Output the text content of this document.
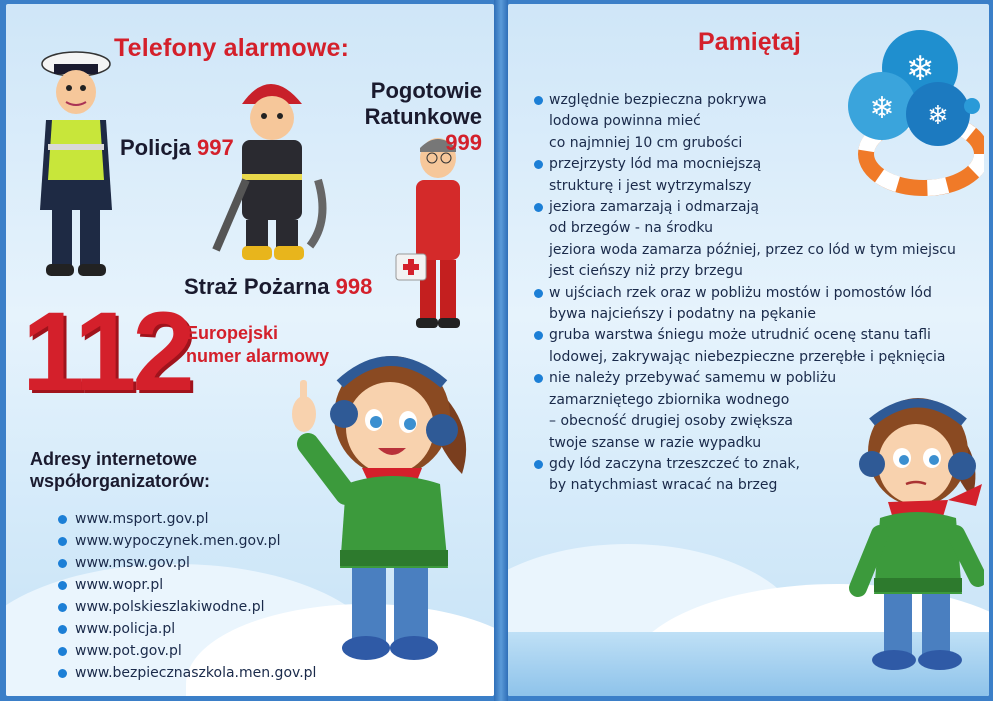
Telefony alarmowe:
Policja 997
Pogotowie
Ratunkowe 999
Straż Pożarna 998
112
Europejski
numer alarmowy
Adresy internetowe
współorganizatorów:
www.msport.gov.pl
www.wypoczynek.men.gov.pl
www.msw.gov.pl
www.wopr.pl
www.polskieszlakiwodne.pl
www.policja.pl
www.pot.gov.pl
www.bezpiecznaszkola.men.gov.pl
Pamiętaj
❄
❄ ❄
względnie bezpieczna pokrywa
lodowa powinna mieć
co najmniej 10 cm grubości
przejrzysty lód ma mocniejszą
strukturę i jest wytrzymalszy
jeziora zamarzają i odmarzają
od brzegów - na środku
jeziora woda zamarza później, przez co lód w tym miejscu
jest cieńszy niż przy brzegu
w ujściach rzek oraz w pobliżu mostów i pomostów lód
bywa najcieńszy i podatny na pękanie
gruba warstwa śniegu może utrudnić ocenę stanu tafli
lodowej, zakrywając niebezpieczne przerębłe i pęknięcia
nie należy przebywać samemu w pobliżu
zamarzniętego zbiornika wodnego
– obecność drugiej osoby zwiększa
twoje szanse w razie wypadku
gdy lód zaczyna trzeszczeć to znak,
by natychmiast wracać na brzeg
